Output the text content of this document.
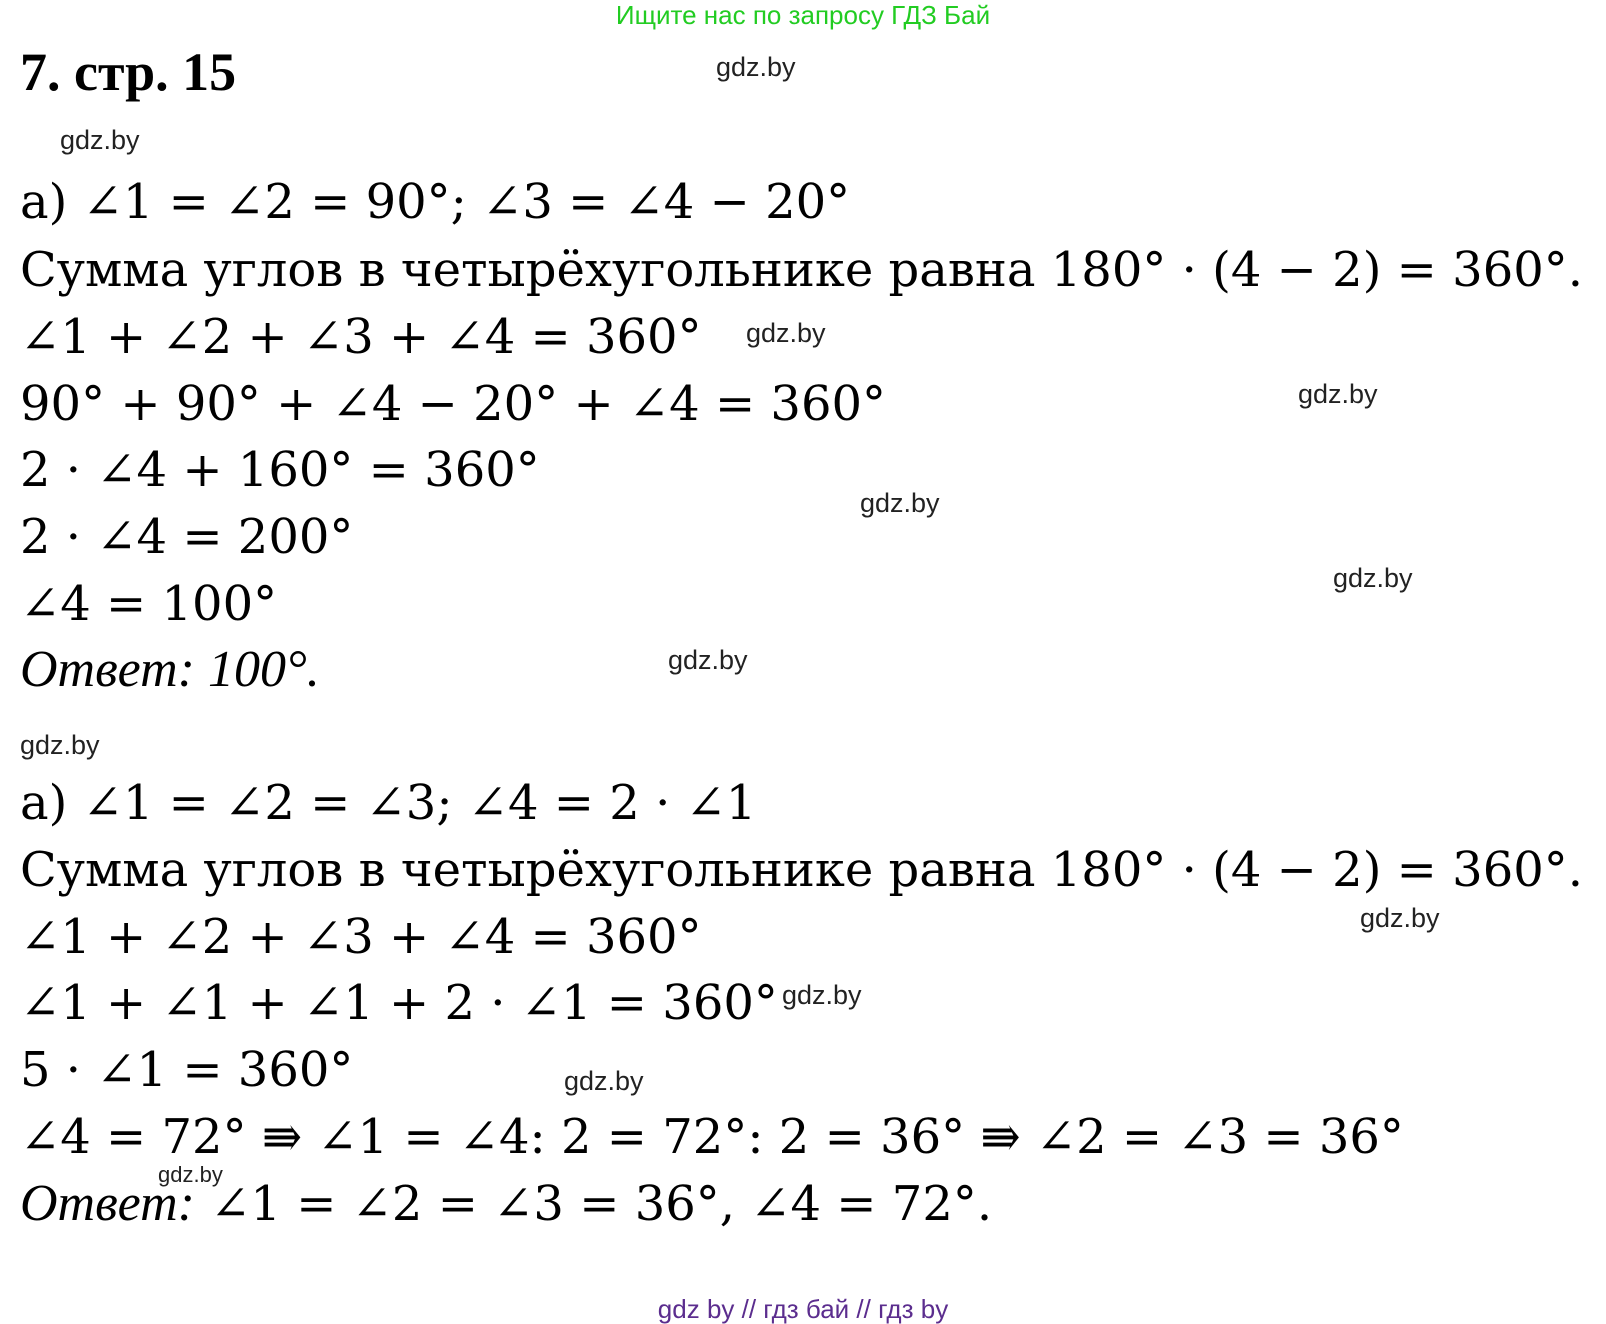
Ищите нас по запросу ГДЗ Бай
7. стр. 15
а) ∠1 = ∠2 = 90°; ∠3 = ∠4 − 20°
Сумма углов в четырёхугольнике равна 180° · (4 − 2) = 360°.
∠1 + ∠2 + ∠3 + ∠4 = 360°
90° + 90° + ∠4 − 20° + ∠4 = 360°
2 · ∠4 + 160° = 360°
2 · ∠4 = 200°
∠4 = 100°
Ответ: 100°.
а) ∠1 = ∠2 = ∠3; ∠4 = 2 · ∠1
Сумма углов в четырёхугольнике равна 180° · (4 − 2) = 360°.
∠1 + ∠2 + ∠3 + ∠4 = 360°
∠1 + ∠1 + ∠1 + 2 · ∠1 = 360°
5 · ∠1 = 360°
∠4 = 72° ⇛ ∠1 = ∠4: 2 = 72°: 2 = 36° ⇛ ∠2 = ∠3 = 36°
Ответ: ∠1 = ∠2 = ∠3 = 36°, ∠4 = 72°.
gdz.by
gdz.by
gdz.by
gdz.by
gdz.by
gdz.by
gdz.by
gdz.by
gdz.by
gdz.by
gdz.by
gdz.by
gdz by // гдз бай // гдз by
